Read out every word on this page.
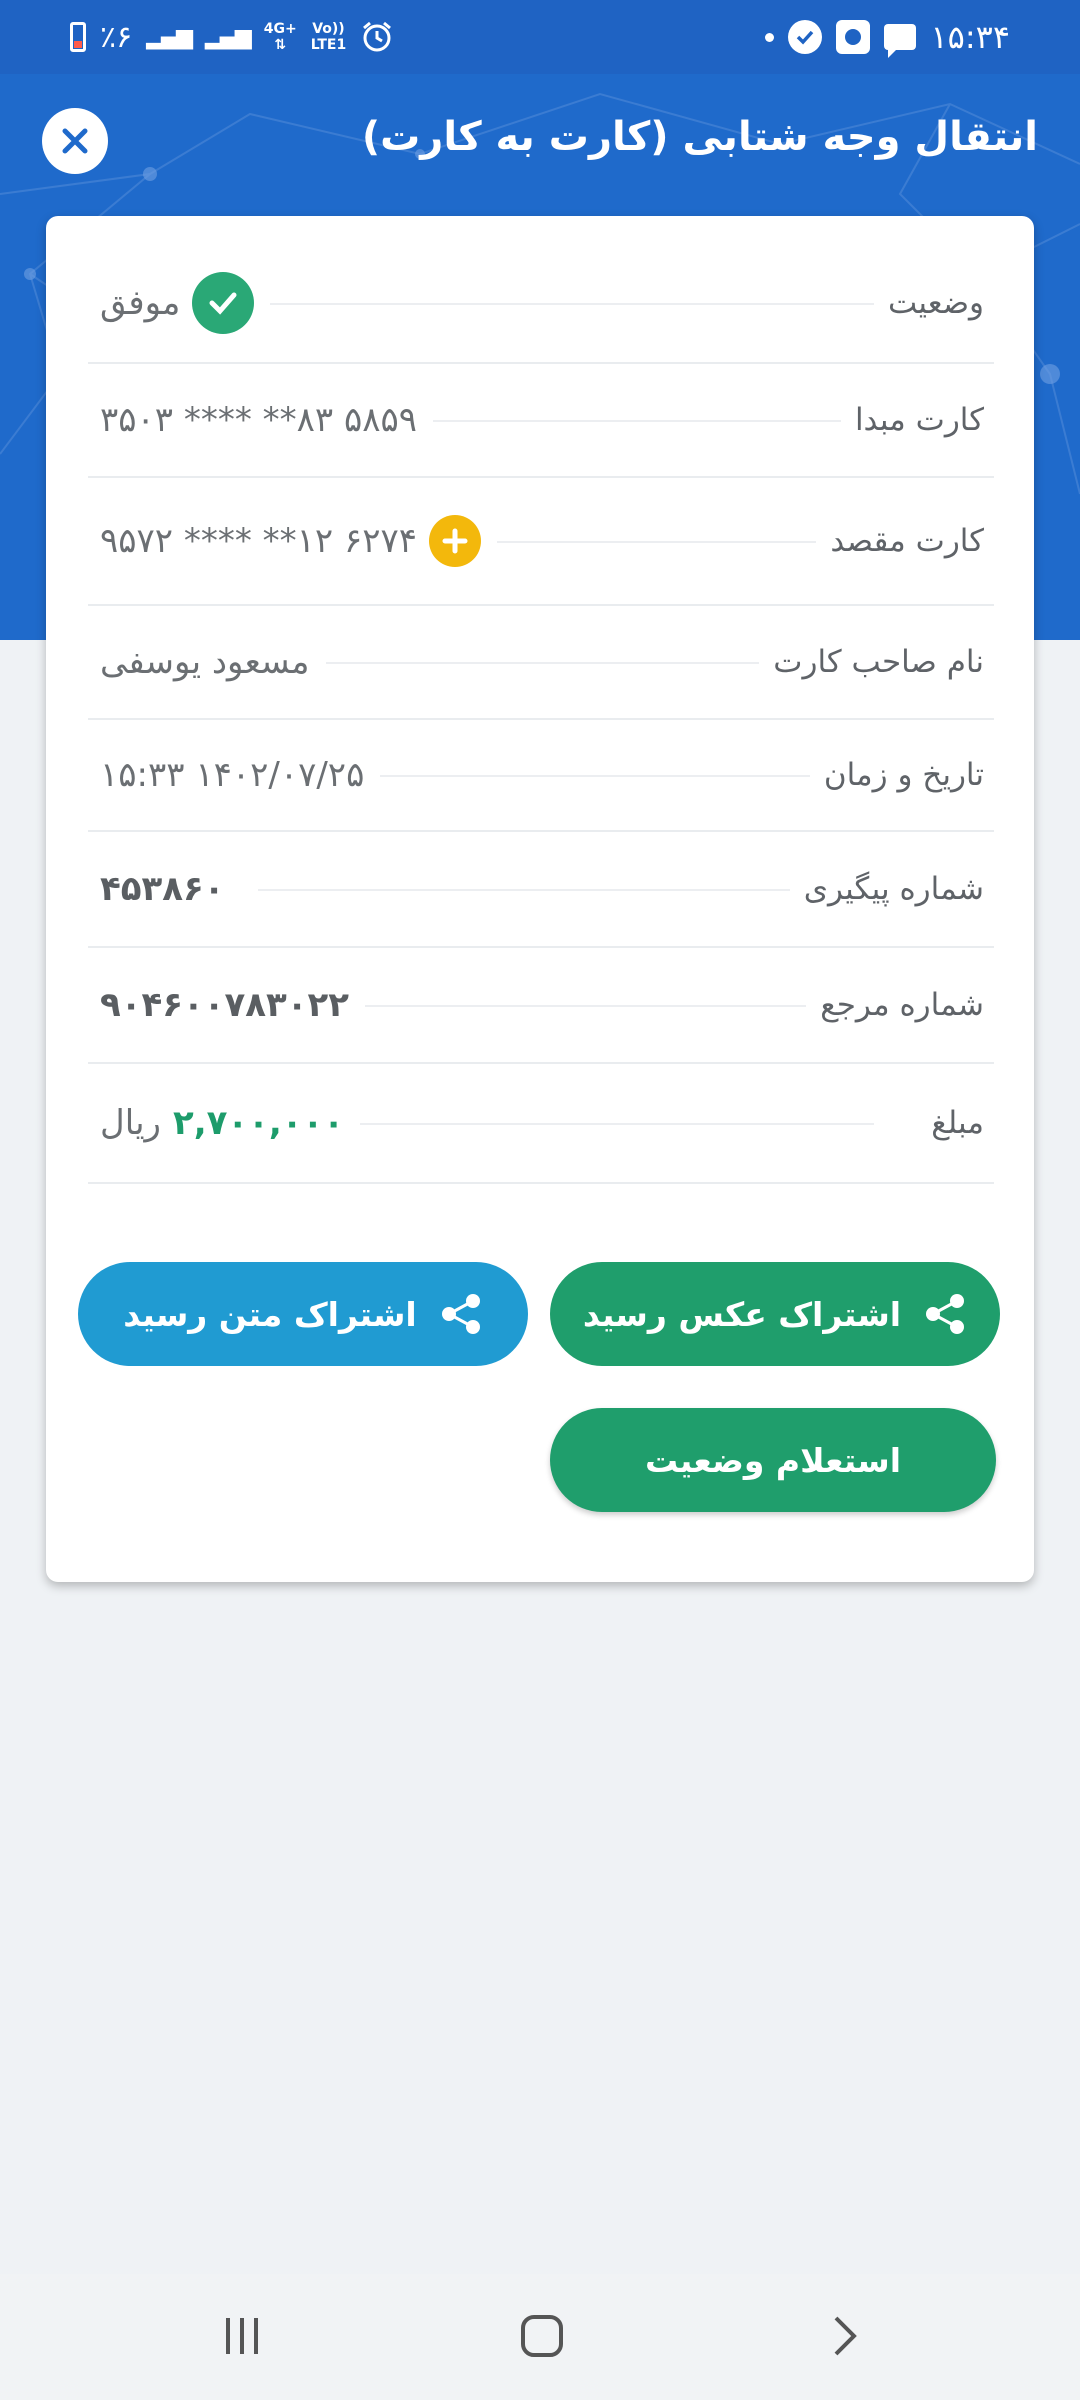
٪۶ ▂▄▆ ▂▄▆ 4G+
⇅
Vo))
LTE1	۱۵:۳۴
انتقال وجه شتابی (کارت به کارت)
وضعیت
موفق
کارت مبدا
۵۸۵۹ ۸۳** **** ۳۵۰۳
کارت مقصد
۶۲۷۴ ۱۲** **** ۹۵۷۲
نام صاحب کارت
مسعود یوسفی
تاریخ و زمان
۱۴۰۲/۰۷/۲۵ ۱۵:۳۳
شماره پیگیری
۴۵۳۸۶۰
شماره مرجع
۹۰۴۶۰۰۷۸۳۰۲۲
مبلغ
۲,۷۰۰,۰۰۰
ریال
اشتراک عکس رسید
اشتراک متن رسید
استعلام وضعیت
